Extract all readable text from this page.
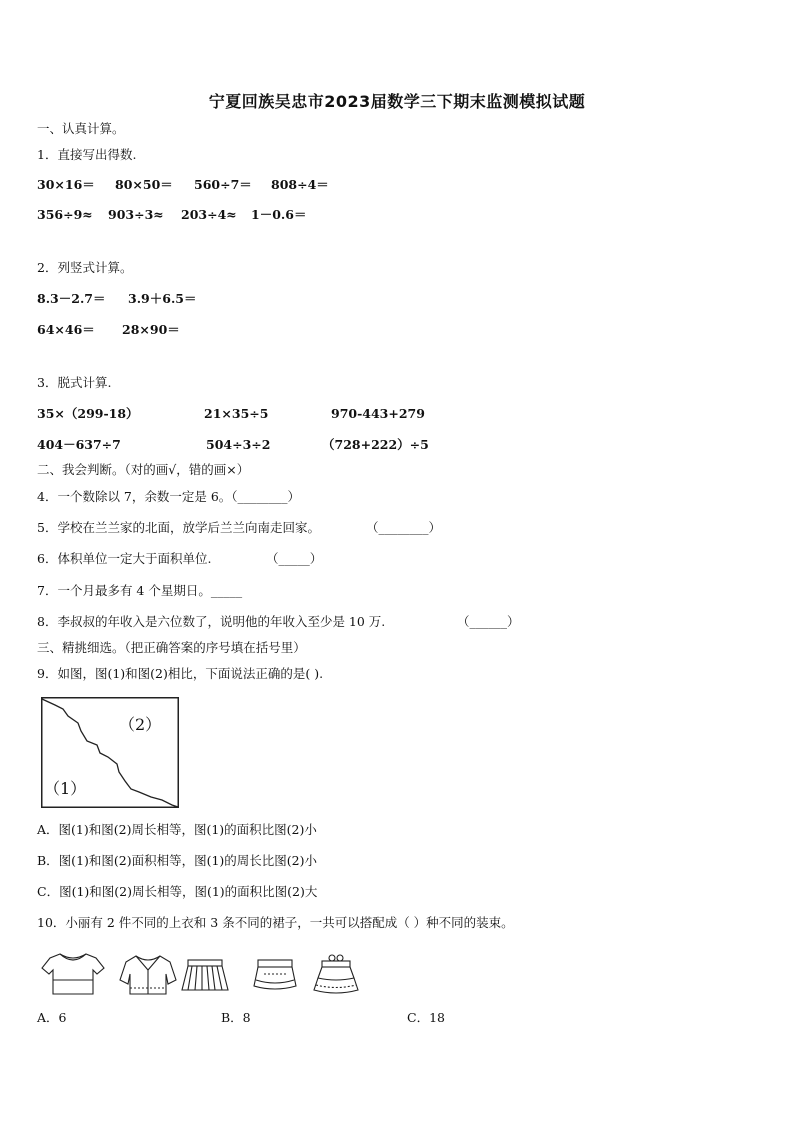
宁夏回族吴忠市2023届数学三下期末监测模拟试题
一、认真计算。
1．直接写出得数.
30×16＝ 80×50＝ 560÷7＝ 808÷4＝
356÷9≈ 903÷3≈ 203÷4≈ 1－0.6＝
2．列竖式计算。
8.3－2.7＝ 3.9＋6.5＝
64×46＝ 28×90＝
3．脱式计算.
35×（299-18）	21×35÷5	970-443+279
404－637÷7	504÷3÷2	（728+222）÷5
二、我会判断。（对的画√，错的画×）
4．一个数除以 7，余数一定是 6。（________）
5．学校在兰兰家的北面，放学后兰兰向南走回家。	（________）
6．体积单位一定大于面积单位.	（_____）
7．一个月最多有 4 个星期日。_____
8．李叔叔的年收入是六位数了，说明他的年收入至少是 10 万.	（______）
三、精挑细选。（把正确答案的序号填在括号里）
9．如图，图(1)和图(2)相比，下面说法正确的是( ).
（2）
（1）
A．图(1)和图(2)周长相等，图(1)的面积比图(2)小
B．图(1)和图(2)面积相等，图(1)的周长比图(2)小
C．图(1)和图(2)周长相等，图(1)的面积比图(2)大
10．小丽有 2 件不同的上衣和 3 条不同的裙子，一共可以搭配成（ ）种不同的装束。
A．6	B．8	C．18
